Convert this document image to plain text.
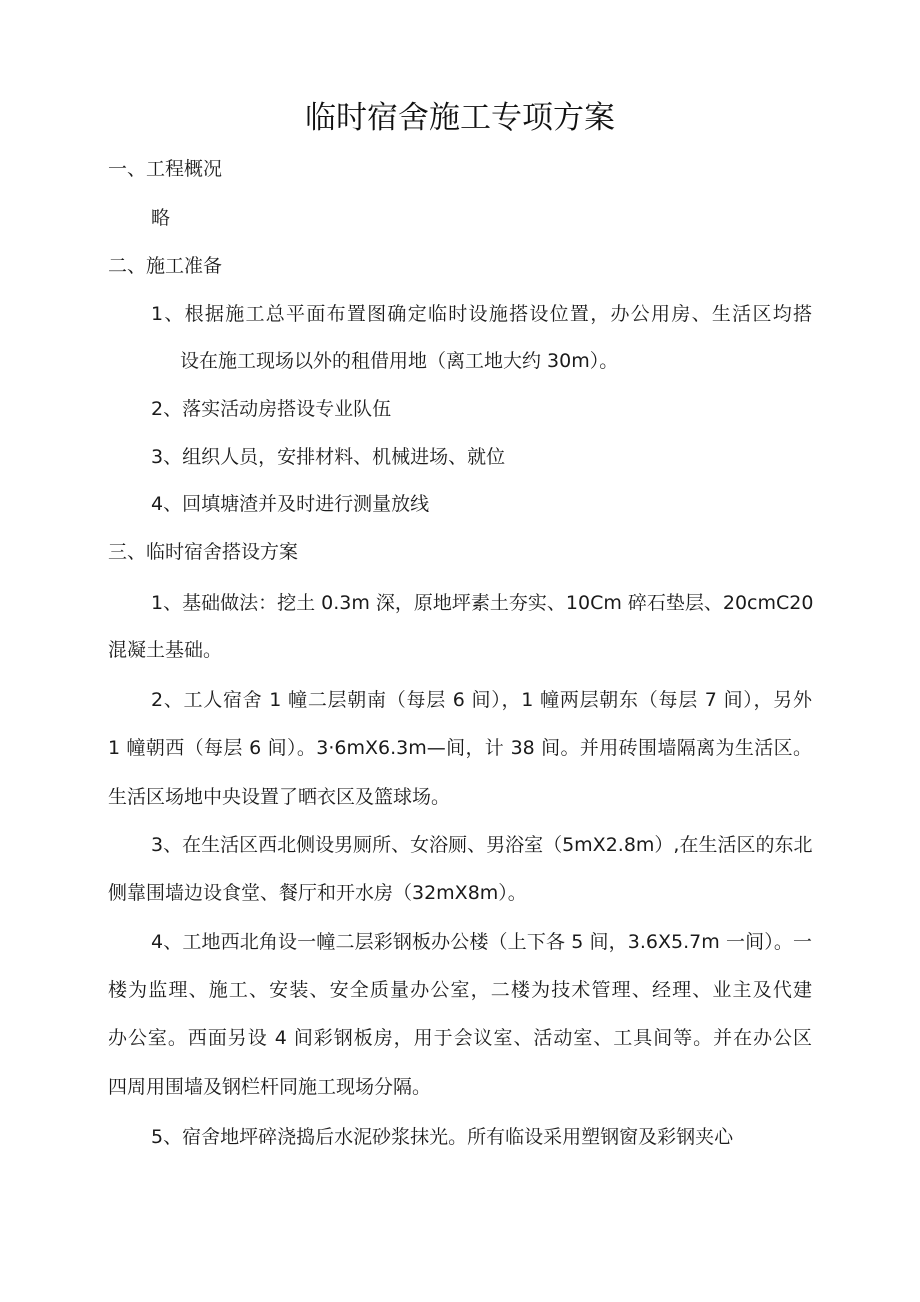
临时宿舍施工专项方案
一、工程概况
略
二、施工准备
1、根据施工总平面布置图确定临时设施搭设位置，办公用房、生活区均搭
设在施工现场以外的租借用地（离工地大约 30m）。
2、落实活动房搭设专业队伍
3、组织人员，安排材料、机械进场、就位
4、回填塘渣并及时进行测量放线
三、临时宿舍搭设方案
1、基础做法：挖土 0.3m 深，原地坪素土夯实、10Cm 碎石垫层、20cmC20
混凝土基础。
2、工人宿舍 1 幢二层朝南（每层 6 间），1 幢两层朝东（每层 7 间），另外
1 幢朝西（每层 6 间）。3·6mX6.3m—间，计 38 间。并用砖围墙隔离为生活区。
生活区场地中央设置了晒衣区及篮球场。
3、在生活区西北侧设男厕所、女浴厕、男浴室（5mX2.8m）,在生活区的东北
侧靠围墙边设食堂、餐厅和开水房（32mX8m）。
4、工地西北角设一幢二层彩钢板办公楼（上下各 5 间，3.6X5.7m 一间）。一
楼为监理、施工、安装、安全质量办公室，二楼为技术管理、经理、业主及代建
办公室。西面另设 4 间彩钢板房，用于会议室、活动室、工具间等。并在办公区
四周用围墙及钢栏杆同施工现场分隔。
5、宿舍地坪碎浇捣后水泥砂浆抹光。所有临设采用塑钢窗及彩钢夹心
